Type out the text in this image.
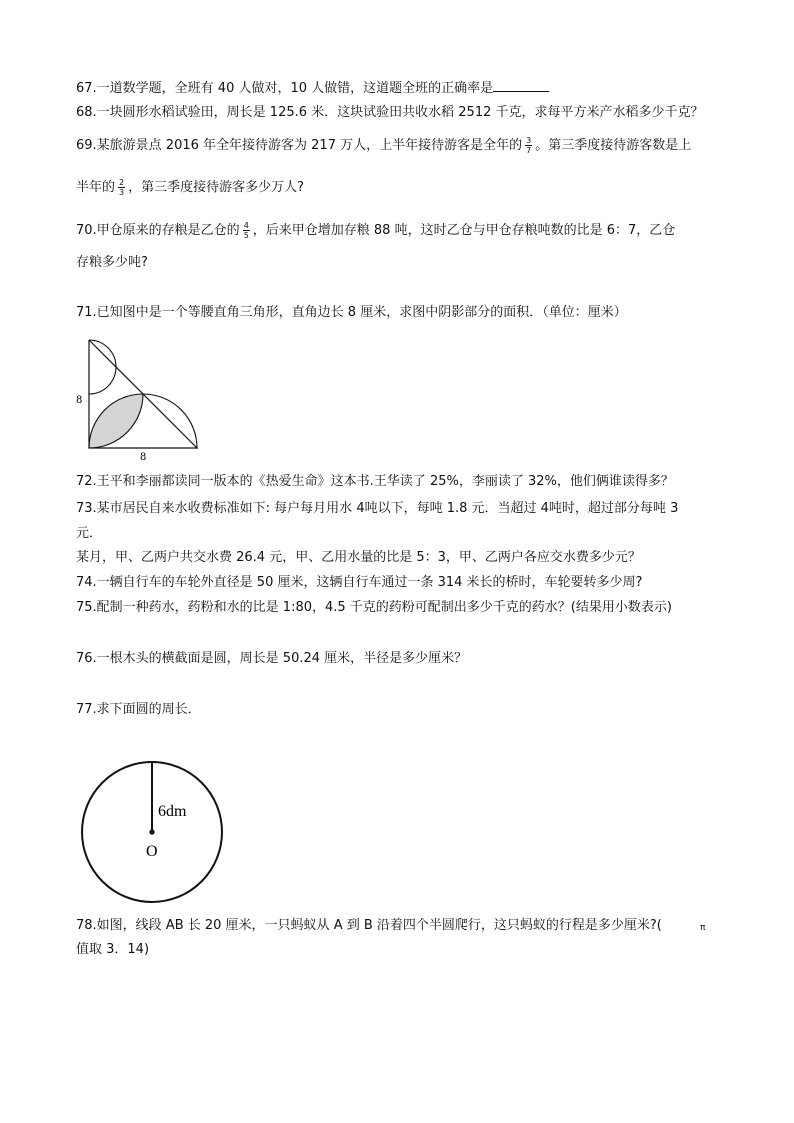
67.一道数学题，全班有 40 人做对，10 人做错，这道题全班的正确率是
68.一块圆形水稻试验田，周长是 125.6 米．这块试验田共收水稻 2512 千克，求每平方米产水稻多少千克？
69.某旅游景点 2016 年全年接待游客为 217 万人，上半年接待游客是全年的 $\frac{3}{7}$ 。第三季度接待游客数是上
半年的 $\frac{2}{3}$ ，第三季度接待游客多少万人?
70.甲仓原来的存粮是乙仓的 $\frac{4}{5}$ ，后来甲仓增加存粮 88 吨，这时乙仓与甲仓存粮吨数的比是 6：7，乙仓
存粮多少吨?
71.已知图中是一个等腰直角三角形，直角边长 8 厘米，求图中阴影部分的面积．（单位：厘米）
8
8
72.王平和李丽都读同一版本的《热爱生命》这本书.王华读了 25%，李丽读了 32%，他们俩谁读得多？
73.某市居民自来水收费标准如下: 每户每月用水 4吨以下，每吨 1.8 元．当超过 4吨时，超过部分每吨 3
元．
某月，甲、乙两户共交水费 26.4 元，甲、乙用水量的比是 5：3，甲、乙两户各应交水费多少元？
74.一辆自行车的车轮外直径是 50 厘米，这辆自行车通过一条 314 米长的桥时，车轮要转多少周?
75.配制一种药水，药粉和水的比是 1:80，4.5 千克的药粉可配制出多少千克的药水？(结果用小数表示)
76.一根木头的横截面是圆，周长是 50.24 厘米，半径是多少厘米？
77.求下面圆的周长．
6dm
O
78.如图，线段 AB 长 20 厘米，一只蚂蚁从 A 到 B 沿着四个半圆爬行，这只蚂蚁的行程是多少厘米?(	π
值取 3．14)
